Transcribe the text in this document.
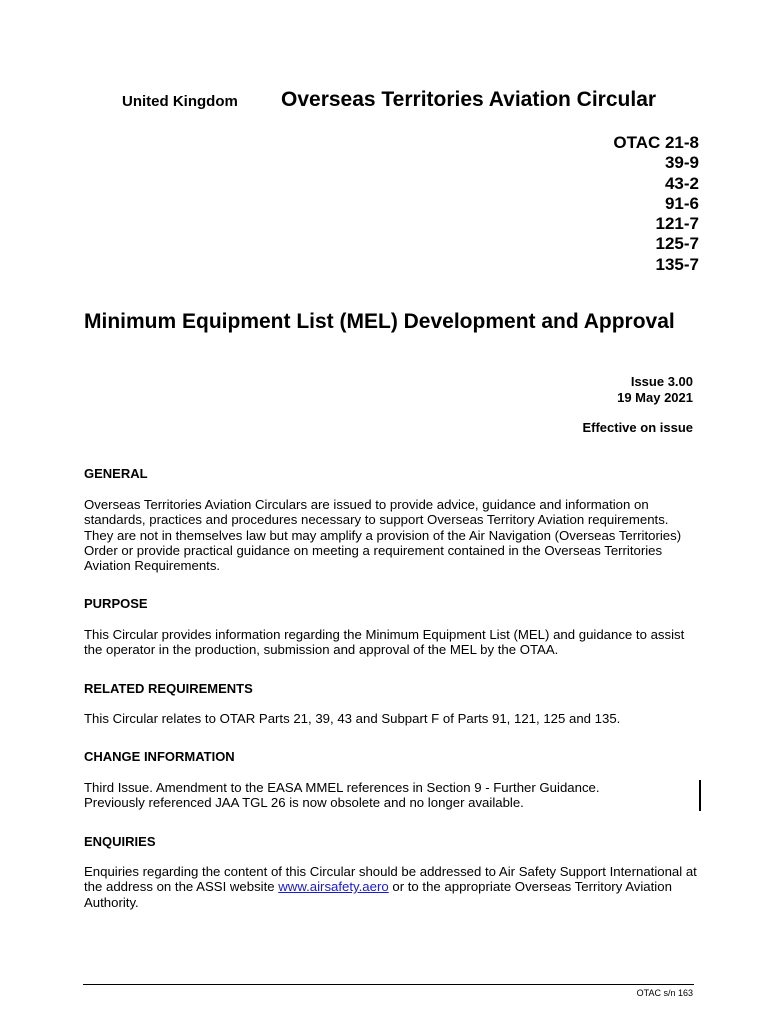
United Kingdom Overseas Territories Aviation Circular
OTAC 21-8
39-9
43-2
91-6
121-7
125-7
135-7
Minimum Equipment List (MEL) Development and Approval
Issue 3.00
19 May 2021
Effective on issue
GENERAL
Overseas Territories Aviation Circulars are issued to provide advice, guidance and information on standards, practices and procedures necessary to support Overseas Territory Aviation requirements. They are not in themselves law but may amplify a provision of the Air Navigation (Overseas Territories) Order or provide practical guidance on meeting a requirement contained in the Overseas Territories Aviation Requirements.
PURPOSE
This Circular provides information regarding the Minimum Equipment List (MEL) and guidance to assist the operator in the production, submission and approval of the MEL by the OTAA.
RELATED REQUIREMENTS
This Circular relates to OTAR Parts 21, 39, 43 and Subpart F of Parts 91, 121, 125 and 135.
CHANGE INFORMATION
Third Issue. Amendment to the EASA MMEL references in Section 9 - Further Guidance.
Previously referenced JAA TGL 26 is now obsolete and no longer available.
ENQUIRIES
Enquiries regarding the content of this Circular should be addressed to Air Safety Support International at the address on the ASSI website www.airsafety.aero or to the appropriate Overseas Territory Aviation Authority.
OTAC s/n 163
